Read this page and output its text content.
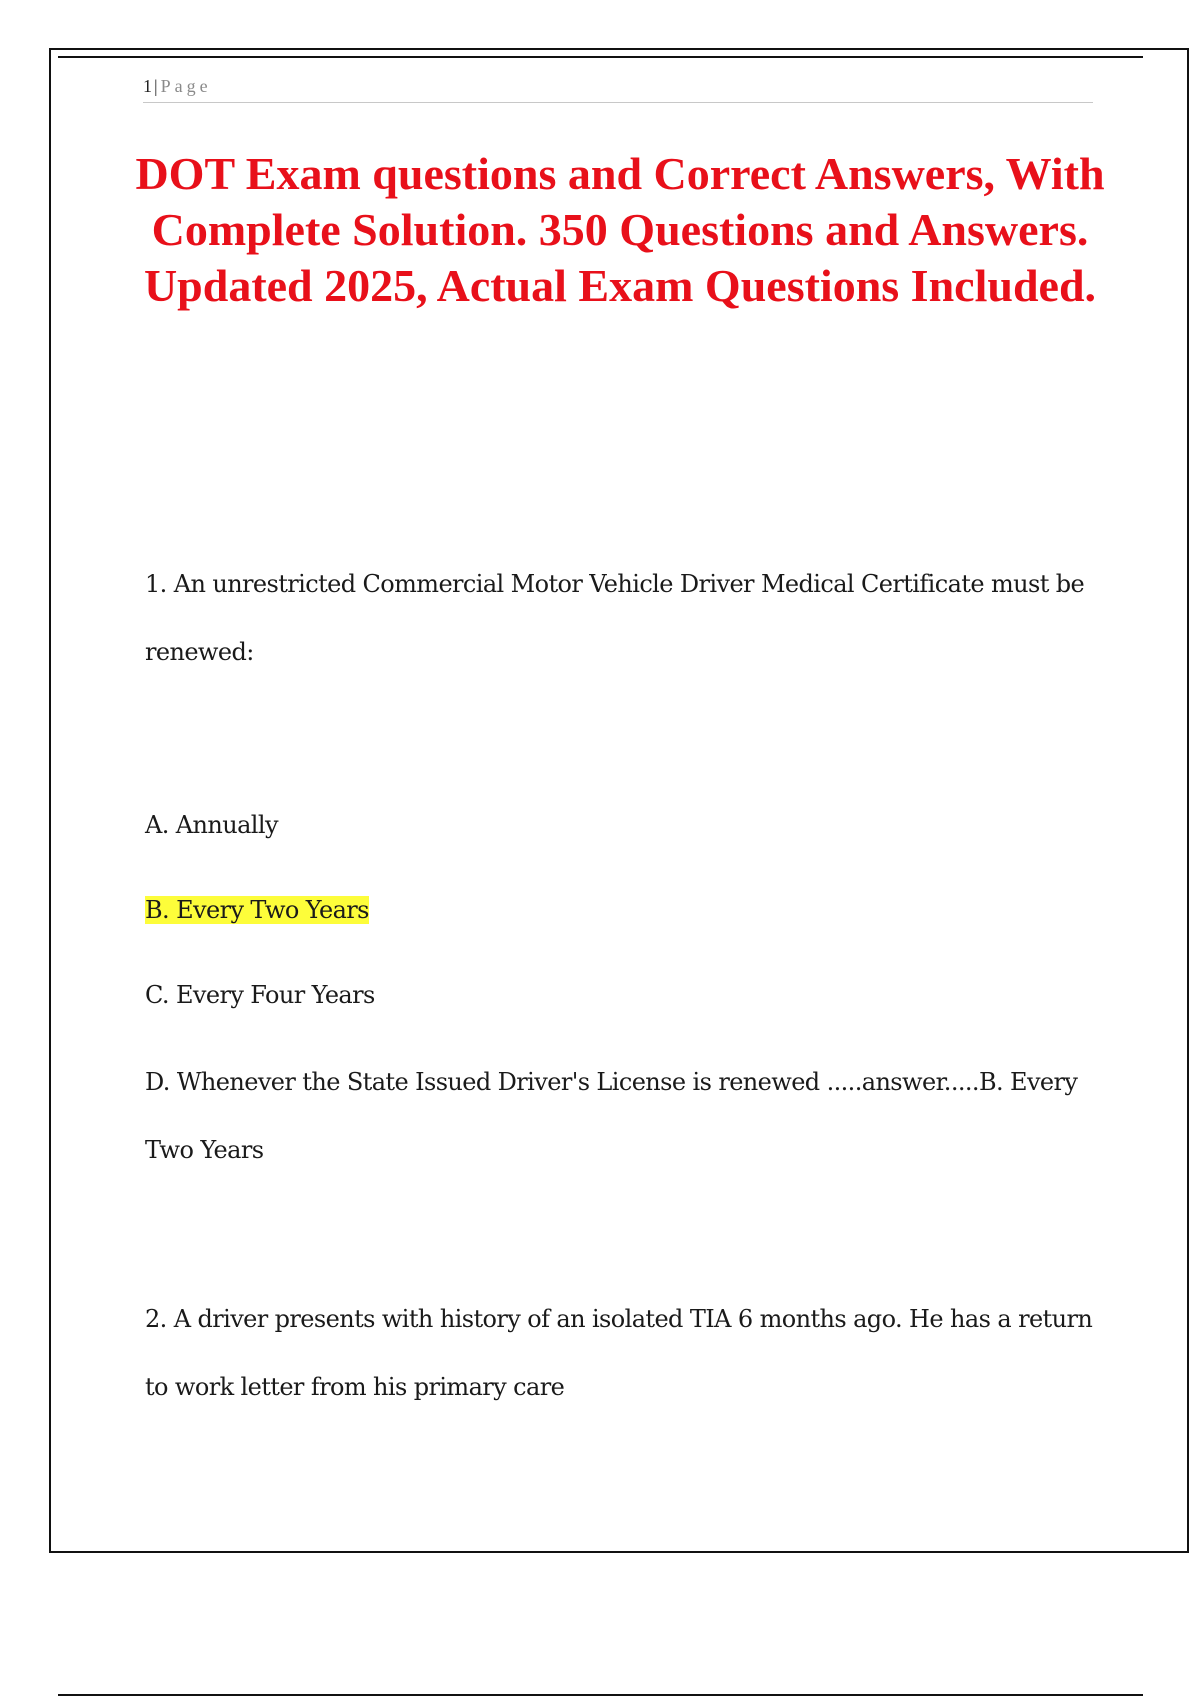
1 | Page
DOT Exam questions and Correct Answers, With Complete Solution. 350 Questions and Answers. Updated 2025, Actual Exam Questions Included.

1. An unrestricted Commercial Motor Vehicle Driver Medical Certificate must be renewed:

A. Annually

B. Every Two Years

C. Every Four Years

D. Whenever the State Issued Driver's License is renewed .....answer.....B. Every Two Years

2. A driver presents with history of an isolated TIA 6 months ago. He has a return to work letter from his primary care
